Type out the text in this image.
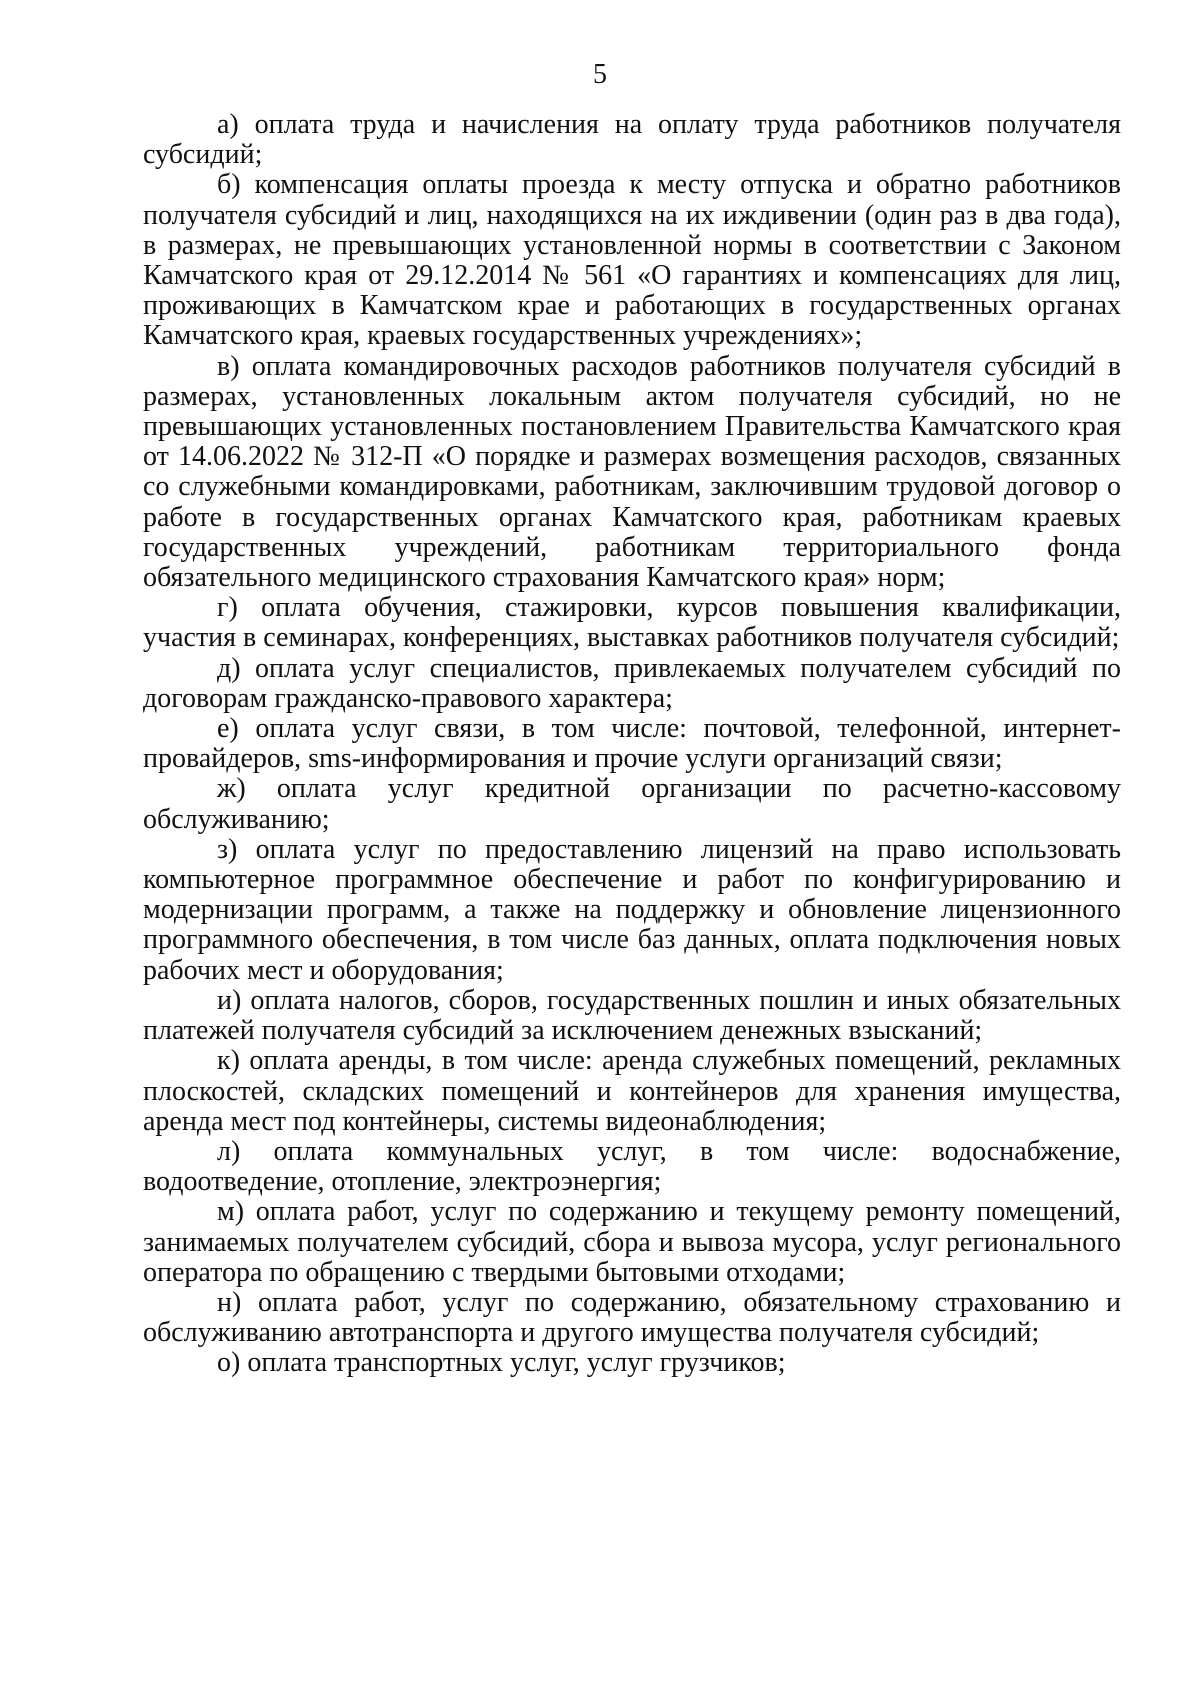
5

а) оплата труда и начисления на оплату труда работников получателя субсидий;

б) компенсация оплаты проезда к месту отпуска и обратно работников получателя субсидий и лиц, находящихся на их иждивении (один раз в два года), в размерах, не превышающих установленной нормы в соответствии с Законом Камчатского края от 29.12.2014 № 561 «О гарантиях и компенсациях для лиц, проживающих в Камчатском крае и работающих в государственных органах Камчатского края, краевых государственных учреждениях»;

в) оплата командировочных расходов работников получателя субсидий в размерах, установленных локальным актом получателя субсидий, но не превышающих установленных постановлением Правительства Камчатского края от 14.06.2022 № 312-П «О порядке и размерах возмещения расходов, связанных со служебными командировками, работникам, заключившим трудовой договор о работе в государственных органах Камчатского края, работникам краевых государственных учреждений, работникам территориального фонда обязательного медицинского страхования Камчатского края» норм;

г) оплата обучения, стажировки, курсов повышения квалификации, участия в семинарах, конференциях, выставках работников получателя субсидий;

д) оплата услуг специалистов, привлекаемых получателем субсидий по договорам гражданско-правового характера;

е) оплата услуг связи, в том числе: почтовой, телефонной, интернет-провайдеров, sms-информирования и прочие услуги организаций связи;

ж) оплата услуг кредитной организации по расчетно-кассовому обслуживанию;

з) оплата услуг по предоставлению лицензий на право использовать компьютерное программное обеспечение и работ по конфигурированию и модернизации программ, а также на поддержку и обновление лицензионного программного обеспечения, в том числе баз данных, оплата подключения новых рабочих мест и оборудования;

и) оплата налогов, сборов, государственных пошлин и иных обязательных платежей получателя субсидий за исключением денежных взысканий;

к) оплата аренды, в том числе: аренда служебных помещений, рекламных плоскостей, складских помещений и контейнеров для хранения имущества, аренда мест под контейнеры, системы видеонаблюдения;

л) оплата коммунальных услуг, в том числе: водоснабжение, водоотведение, отопление, электроэнергия;

м) оплата работ, услуг по содержанию и текущему ремонту помещений, занимаемых получателем субсидий, сбора и вывоза мусора, услуг регионального оператора по обращению с твердыми бытовыми отходами;

н) оплата работ, услуг по содержанию, обязательному страхованию и обслуживанию автотранспорта и другого имущества получателя субсидий;

о) оплата транспортных услуг, услуг грузчиков;
